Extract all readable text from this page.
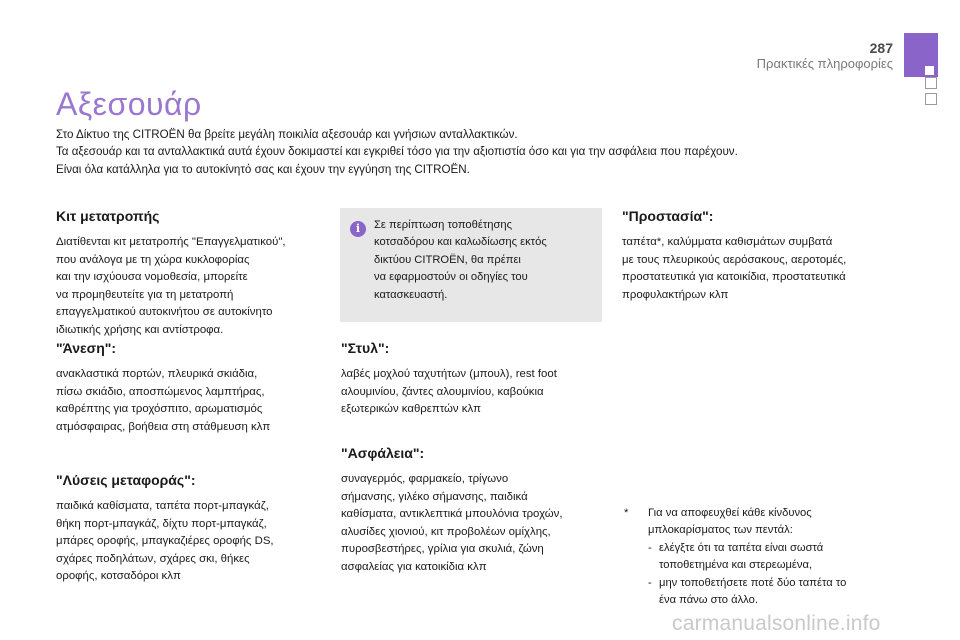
287
Πρακτικές πληροφορίες
Αξεσουάρ

Στο Δίκτυο της CITROËN θα βρείτε μεγάλη ποικιλία αξεσουάρ και γνήσιων ανταλλακτικών.

Τα αξεσουάρ και τα ανταλλακτικά αυτά έχουν δοκιμαστεί και εγκριθεί τόσο για την αξιοπιστία όσο και για την ασφάλεια που παρέχουν.

Είναι όλα κατάλληλα για το αυτοκίνητό σας και έχουν την εγγύηση της CITROËN.

Κιτ μετατροπής

Διατίθενται κιτ μετατροπής "Επαγγελματικού",

που ανάλογα με τη χώρα κυκλοφορίας

και την ισχύουσα νομοθεσία, μπορείτε

να προμηθευτείτε για τη μετατροπή

επαγγελματικού αυτοκινήτου σε αυτοκίνητο

ιδιωτικής χρήσης και αντίστροφα.

"Άνεση":

ανακλαστικά πορτών, πλευρικά σκιάδια,

πίσω σκιάδιο, αποσπώμενος λαμπτήρας,

καθρέπτης για τροχόσπιτο, αρωματισμός

ατμόσφαιρας, βοήθεια στη στάθμευση κλπ

"Λύσεις μεταφοράς":

παιδικά καθίσματα, ταπέτα πορτ-μπαγκάζ,

θήκη πορτ-μπαγκάζ, δίχτυ πορτ-μπαγκάζ,

μπάρες οροφής, μπαγκαζιέρες οροφής DS,

σχάρες ποδηλάτων, σχάρες σκι, θήκες

οροφής, κοτσαδόροι κλπ

i	Σε περίπτωση τοποθέτησης

κοτσαδόρου και καλωδίωσης εκτός

δικτύου CITROËN, θα πρέπει

να εφαρμοστούν οι οδηγίες του

κατασκευαστή.

"Στυλ":

λαβές μοχλού ταχυτήτων (μπουλ), rest foot

αλουμινίου, ζάντες αλουμινίου, καβούκια

εξωτερικών καθρεπτών κλπ

"Ασφάλεια":

συναγερμός, φαρμακείο, τρίγωνο

σήμανσης, γιλέκο σήμανσης, παιδικά

καθίσματα, αντικλεπτικά μπουλόνια τροχών,

αλυσίδες χιονιού, κιτ προβολέων ομίχλης,

πυροσβεστήρες, γρίλια για σκυλιά, ζώνη

ασφαλείας για κατοικίδια κλπ

"Προστασία":

ταπέτα*, καλύμματα καθισμάτων συμβατά

με τους πλευρικούς αερόσακους, αεροτομές,

προστατευτικά για κατοικίδια, προστατευτικά

προφυλακτήρων κλπ

* Για να αποφευχθεί κάθε κίνδυνος
μπλοκαρίσματος των πεντάλ:
- ελέγξτε ότι τα ταπέτα είναι σωστά
τοποθετημένα και στερεωμένα,
- μην τοποθετήσετε ποτέ δύο ταπέτα το
ένα πάνω στο άλλο.
carmanualsonline.info
